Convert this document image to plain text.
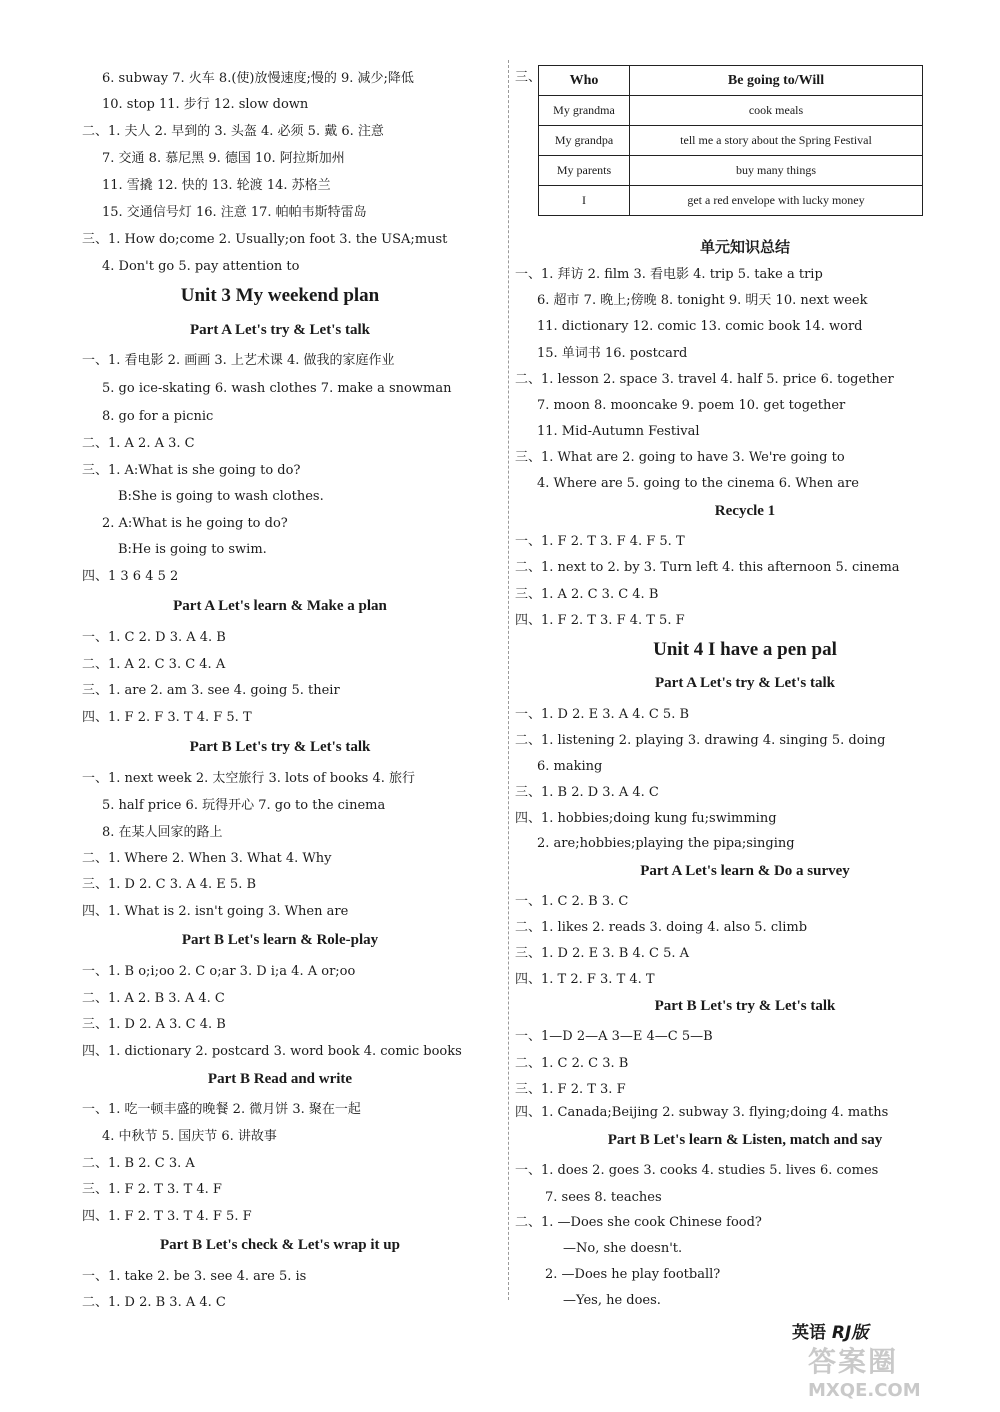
6. subway 7. 火车 8.(使)放慢速度;慢的 9. 减少;降低
10. stop 11. 步行 12. slow down
二、1. 夫人 2. 早到的 3. 头盔 4. 必须 5. 戴 6. 注意
7. 交通 8. 慕尼黑 9. 德国 10. 阿拉斯加州
11. 雪撬 12. 快的 13. 轮渡 14. 苏格兰
15. 交通信号灯 16. 注意 17. 帕帕韦斯特雷岛
三、1. How do;come 2. Usually;on foot 3. the USA;must
4. Don't go 5. pay attention to
Unit 3 My weekend plan
Part A Let's try & Let's talk
一、1. 看电影 2. 画画 3. 上艺术课 4. 做我的家庭作业
5. go ice-skating 6. wash clothes 7. make a snowman
8. go for a picnic
二、1. A 2. A 3. C
三、1. A:What is she going to do?
B:She is going to wash clothes.
2. A:What is he going to do?
B:He is going to swim.
四、1 3 6 4 5 2
Part A Let's learn & Make a plan
一、1. C 2. D 3. A 4. B
二、1. A 2. C 3. C 4. A
三、1. are 2. am 3. see 4. going 5. their
四、1. F 2. F 3. T 4. F 5. T
Part B Let's try & Let's talk
一、1. next week 2. 太空旅行 3. lots of books 4. 旅行
5. half price 6. 玩得开心 7. go to the cinema
8. 在某人回家的路上
二、1. Where 2. When 3. What 4. Why
三、1. D 2. C 3. A 4. E 5. B
四、1. What is 2. isn't going 3. When are
Part B Let's learn & Role-play
一、1. B o;i;oo 2. C o;ar 3. D i;a 4. A or;oo
二、1. A 2. B 3. A 4. C
三、1. D 2. A 3. C 4. B
四、1. dictionary 2. postcard 3. word book 4. comic books
Part B Read and write
一、1. 吃一顿丰盛的晚餐 2. 微月饼 3. 聚在一起
4. 中秋节 5. 国庆节 6. 讲故事
二、1. B 2. C 3. A
三、1. F 2. T 3. T 4. F
四、1. F 2. T 3. T 4. F 5. F
Part B Let's check & Let's wrap it up
一、1. take 2. be 3. see 4. are 5. is
二、1. D 2. B 3. A 4. C
单元知识总结
一、1. 拜访 2. film 3. 看电影 4. trip 5. take a trip
6. 超市 7. 晚上;傍晚 8. tonight 9. 明天 10. next week
11. dictionary 12. comic 13. comic book 14. word
15. 单词书 16. postcard
二、1. lesson 2. space 3. travel 4. half 5. price 6. together
7. moon 8. mooncake 9. poem 10. get together
11. Mid-Autumn Festival
三、1. What are 2. going to have 3. We're going to
4. Where are 5. going to the cinema 6. When are
Recycle 1
一、1. F 2. T 3. F 4. F 5. T
二、1. next to 2. by 3. Turn left 4. this afternoon 5. cinema
三、1. A 2. C 3. C 4. B
四、1. F 2. T 3. F 4. T 5. F
Unit 4 I have a pen pal
Part A Let's try & Let's talk
一、1. D 2. E 3. A 4. C 5. B
二、1. listening 2. playing 3. drawing 4. singing 5. doing
6. making
三、1. B 2. D 3. A 4. C
四、1. hobbies;doing kung fu;swimming
2. are;hobbies;playing the pipa;singing
Part A Let's learn & Do a survey
一、1. C 2. B 3. C
二、1. likes 2. reads 3. doing 4. also 5. climb
三、1. D 2. E 3. B 4. C 5. A
四、1. T 2. F 3. T 4. T
Part B Let's try & Let's talk
一、1—D 2—A 3—E 4—C 5—B
二、1. C 2. C 3. B
三、1. F 2. T 3. F
四、1. Canada;Beijing 2. subway 3. flying;doing 4. maths
Part B Let's learn & Listen, match and say
一、1. does 2. goes 3. cooks 4. studies 5. lives 6. comes
7. sees 8. teaches
二、1. —Does she cook Chinese food?
—No, she doesn't.
2. —Does he play football?
—Yes, he does.
三、 Who	Be going to/Will
My grandma	cook meals
My grandpa	tell me a story about the Spring Festival
My parents	buy many things
I	get a red envelope with lucky money
英语 RJ版
答案圈
MXQE.COM
